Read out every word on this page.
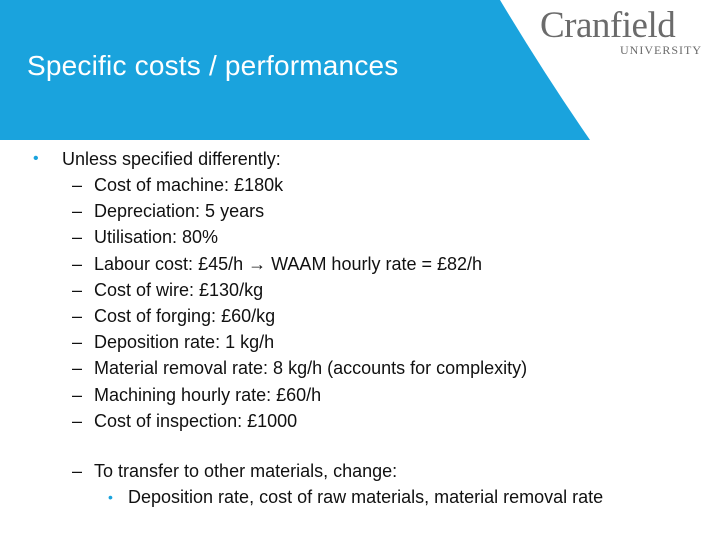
Specific costs / performances
Cranfield
UNIVERSITY
• Unless specified differently:
– Cost of machine: £180k
– Depreciation: 5 years
– Utilisation: 80%
– Labour cost: £45/h → WAAM hourly rate = £82/h
– Cost of wire: £130/kg
– Cost of forging: £60/kg
– Deposition rate: 1 kg/h
– Material removal rate: 8 kg/h (accounts for complexity)
– Machining hourly rate: £60/h
– Cost of inspection: £1000
– To transfer to other materials, change:
• Deposition rate, cost of raw materials, material removal rate
